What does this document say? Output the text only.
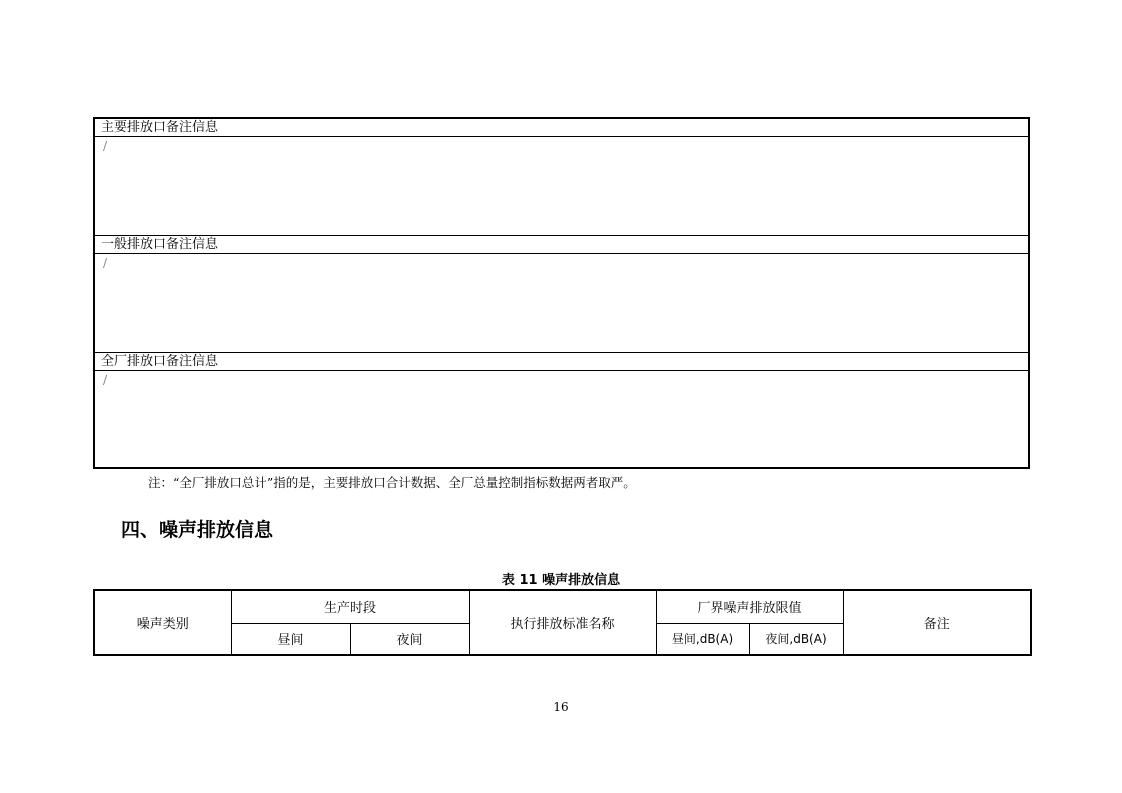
主要排放口备注信息
/
一般排放口备注信息
/
全厂排放口备注信息
/
注：“全厂排放口总计”指的是，主要排放口合计数据、全厂总量控制指标数据两者取严。
四、噪声排放信息
表 11 噪声排放信息
噪声类别	生产时段		执行排放标准名称	厂界噪声排放限值		备注
	昼间	夜间		昼间,dB(A)	夜间,dB(A)	
16
